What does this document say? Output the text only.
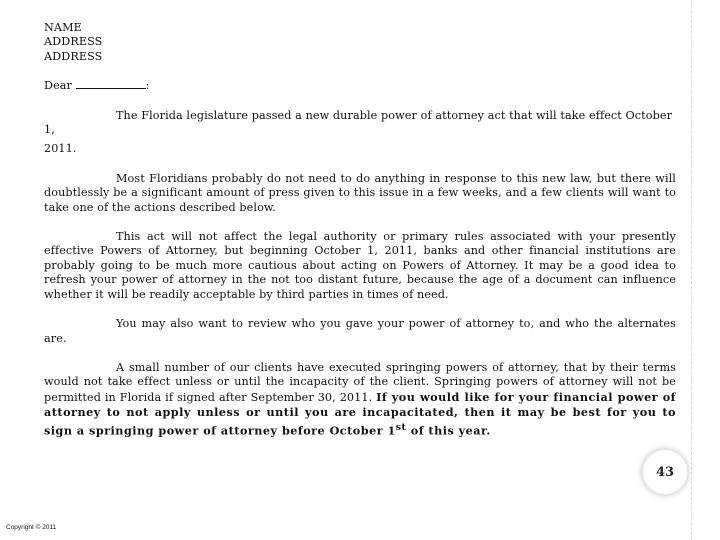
NAME
ADDRESS
ADDRESS
Dear	:

The Florida legislature passed a new durable power of attorney act that will take effect October 1,

2011.

Most Floridians probably do not need to do anything in response to this new law, but there will doubtlessly be a significant amount of press given to this issue in a few weeks, and a few clients will want to take one of the actions described below.

This act will not affect the legal authority or primary rules associated with your presently effective Powers of Attorney, but beginning October 1, 2011, banks and other financial institutions are probably going to be much more cautious about acting on Powers of Attorney. It may be a good idea to refresh your power of attorney in the not too distant future, because the age of a document can influence whether it will be readily acceptable by third parties in times of need.

You may also want to review who you gave your power of attorney to, and who the alternates are.

A small number of our clients have executed springing powers of attorney, that by their terms would not take effect unless or until the incapacity of the client. Springing powers of attorney will not be permitted in Florida if signed after September 30, 2011. If you would like for your financial power of attorney to not apply unless or until you are incapacitated, then it may be best for you to sign a springing power of attorney before October 1st of this year.

43
Copyright © 2011
